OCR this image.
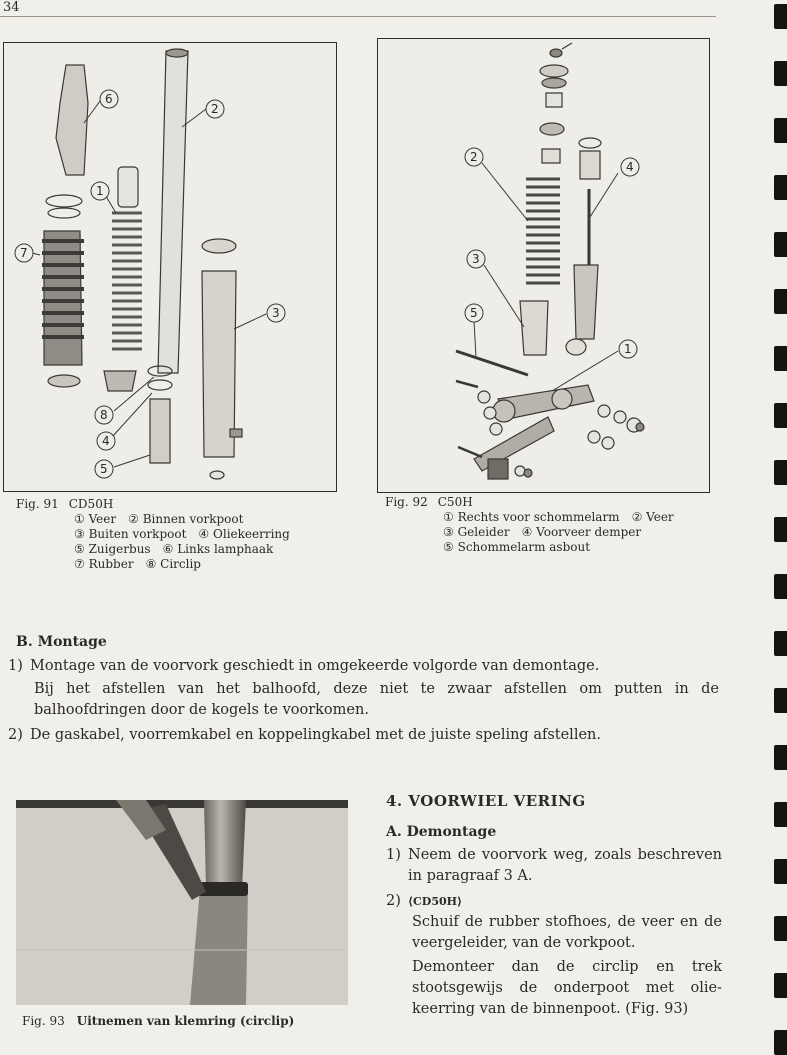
34
6
2
1
7
3
8
4
5
2
4
3
5
1
Fig. 91 CD50H
① Veer ② Binnen vorkpoot
③ Buiten vorkpoot ④ Oliekeerring
⑤ Zuigerbus ⑥ Links lamphaak
⑦ Rubber ⑧ Circlip
Fig. 92 C50H
① Rechts voor schommelarm ② Veer
③ Geleider ④ Voorveer demper
⑤ Schommelarm asbout
B. Montage
1) Montage van de voorvork geschiedt in omgekeerde volgorde van demontage.
Bij het afstellen van het balhoofd, deze niet te zwaar afstellen om putten in de balhoofdringen door de kogels te voorkomen.
2) De gaskabel, voorremkabel en koppelingkabel met de juiste speling afstellen.
Fig. 93 Uitnemen van klemring (circlip)
4. VOORWIEL VERING
A. Demontage
1) Neem de voorvork weg, zoals beschreven in paragraaf 3 A.
2) ⟨CD50H⟩
Schuif de rubber stofhoes, de veer en de veergeleider, van de vorkpoot.
Demonteer dan de circlip en trek stootsgewijs de onderpoot met olie-keerring van de binnenpoot. (Fig. 93)
